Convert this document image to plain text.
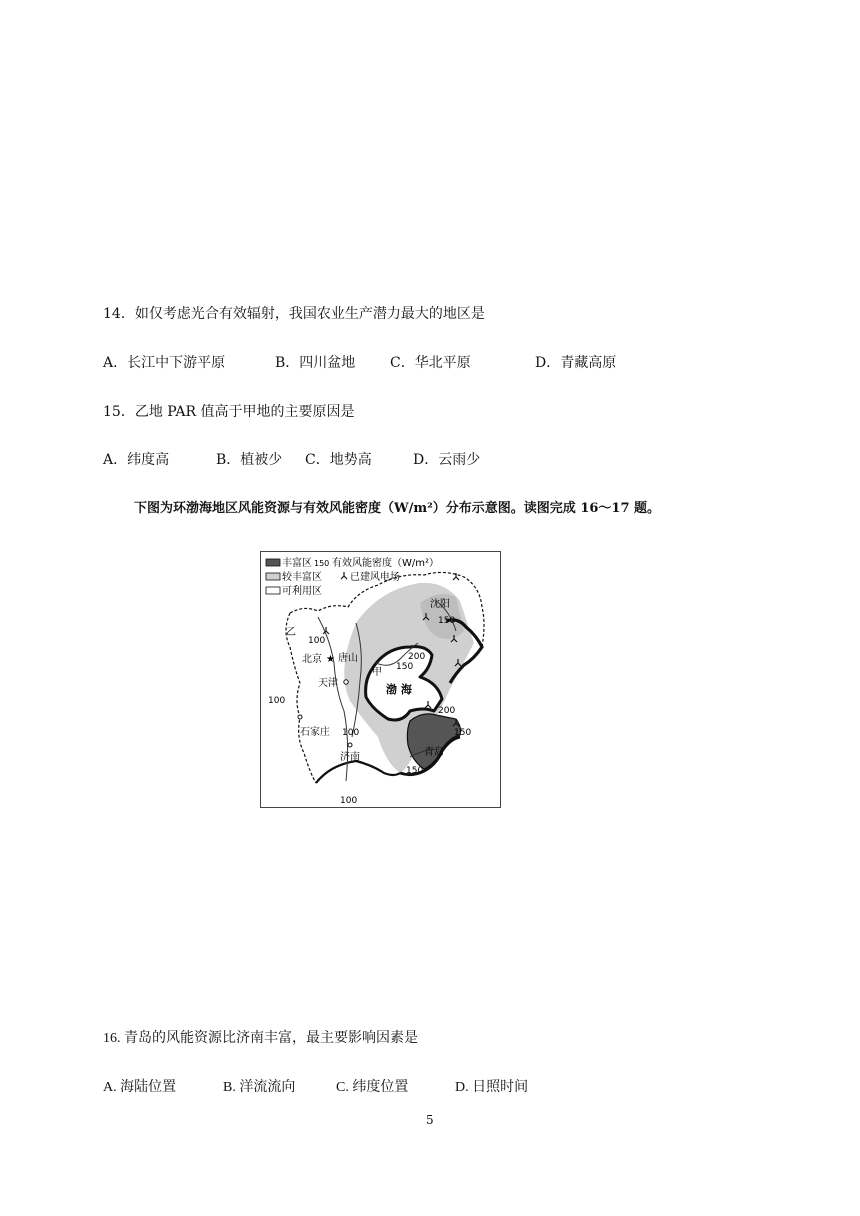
14．如仅考虑光合有效辐射，我国农业生产潜力最大的地区是
A．长江中下游平原	B．四川盆地 C．华北平原	D．青藏高原
15．乙地 PAR 值高于甲地的主要原因是
A．纬度高	B．植被少 C．地势高	D．云雨少
下图为环渤海地区风能资源与有效风能密度（W/m²）分布示意图。读图完成 16～17 题。
丰富区 150 有效风能密度（W/m²）
较丰富区	已建风电场
可利用区
乙
北京 ★ 唐山
甲
天津	渤 海
石家庄
济南	青岛
沈阳
100
100
100
100
150
150
150
150
200
200
16. 青岛的风能资源比济南丰富，最主要影响因素是
A. 海陆位置	B. 洋流流向	C. 纬度位置	D. 日照时间
5
